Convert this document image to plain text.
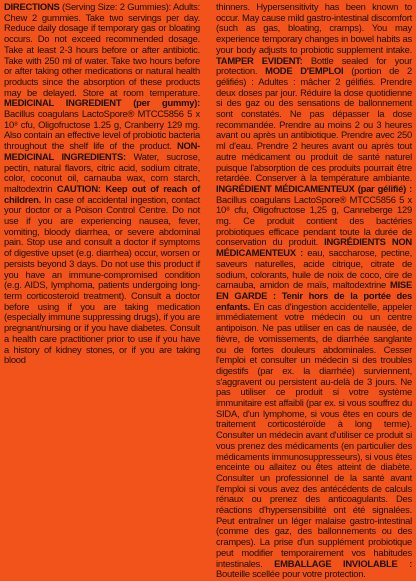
DIRECTIONS (Serving Size: 2 Gummies): Adults: Chew 2 gummies. Take two servings per day. Reduce daily dosage if temporary gas or bloating occurs. Do not exceed recommended dosage. Take at least 2-3 hours before or after antibiotic. Take with 250 ml of water. Take two hours before or after taking other medications or natural health products since the absorption of these products may be delayed. Store at room temperature. MEDICINAL INGREDIENT (per gummy): Bacillus coagulans LactoSpore® MTCC5856 5 x 10⁸ cfu, Oligofructose 1.25 g, Cranberry 129 mg. Also contain an effective level of probiotic bacteria throughout the shelf life of the product. NON-MEDICINAL INGREDIENTS: Water, sucrose, pectin, natural flavors, citric acid, sodium citrate, color, coconut oil, carnauba wax, corn starch, maltodextrin CAUTION: Keep out of reach of children. In case of accidental ingestion, contact your doctor or a Poison Control Centre. Do not use if you are experiencing nausea, fever, vomiting, bloody diarrhea, or severe abdominal pain. Stop use and consult a doctor if symptoms of digestive upset (e.g. diarrhea) occur, worsen or persists beyond 3 days. Do not use this product if you have an immune-compromised condition (e.g. AIDS, lymphoma, patients undergoing long-term corticosteroid treatment). Consult a doctor before using if you are taking medication (especially immune suppressing drugs), if you are pregnant/nursing or if you have diabetes. Consult a health care practitioner prior to use if you have a history of kidney stones, or if you are taking blood
thinners. Hypersensitivity has been known to occur. May cause mild gastro-intestinal discomfort (such as gas, bloating, cramps). You may experience temporary changes in bowel habits as your body adjusts to probiotic supplement intake. TAMPER EVIDENT: Bottle sealed for your protection. MODE D'EMPLOI (portion de 2 gélifiés) : Adultes : mâcher 2 gélifiés. Prendre deux doses par jour. Réduire la dose quotidienne si des gaz ou des sensations de ballonnement sont constatés. Ne pas dépasser la dose recommandée. Prendre au moins 2 ou 3 heures avant ou après un antibiotique. Prendre avec 250 ml d'eau. Prendre 2 heures avant ou après tout autre médicament ou produit de santé naturel puisque l'absorption de ces produits pourrait être retardée. Conserver à la température ambiante. INGRÉDIENT MÉDICAMENTEUX (par gélifié) : Bacillus coagulans LactoSpore® MTCC5856 5 x 10⁸ cfu, Oligofructose 1,25 g, Canneberge 129 mg. Ce produit contient des bactéries probiotiques efficace pendant toute la durée de conservation du produit. INGRÉDIENTS NON MÉDICAMENTEUX : eau, saccharose, pectine, saveurs naturelles, acide citrique, citrate de sodium, colorants, huile de noix de coco, cire de carnauba, amidon de maïs, maltodextrine MISE EN GARDE : Tenir hors de la portée des enfants. En cas d'ingestion accidentelle, appeler immédiatement votre médecin ou un centre antipoison. Ne pas utiliser en cas de nausée, de fièvre, de vomissements, de diarrhée sanglante ou de fortes douleurs abdominales. Cesser l'emploi et consulter un médecin si des troubles digestifs (par ex. la diarrhée) surviennent, s'aggravent ou persistent au-delà de 3 jours. Ne pas utiliser ce produit si votre système immunitaire est affaibli (par ex. si vous souffrez du SIDA, d'un lymphome, si vous êtes en cours de traitement corticostéroïde à long terme). Consulter un médecin avant d'utiliser ce produit si vous prenez des médicaments (en particulier des médicaments immunosuppresseurs), si vous êtes enceinte ou allaitez ou êtes atteint de diabète. Consulter un professionnel de la santé avant l'emploi si vous avez des antécédents de calculs rénaux ou prenez des anticoagulants. Des réactions d'hypersensibilité ont été signalées. Peut entraîner un léger malaise gastro-intestinal (comme des gaz, des ballonnements ou des crampes). La prise d'un supplément probiotique peut modifier temporairement vos habitudes intestinales. EMBALLAGE INVIOLABLE : Bouteille scellée pour votre protection.
